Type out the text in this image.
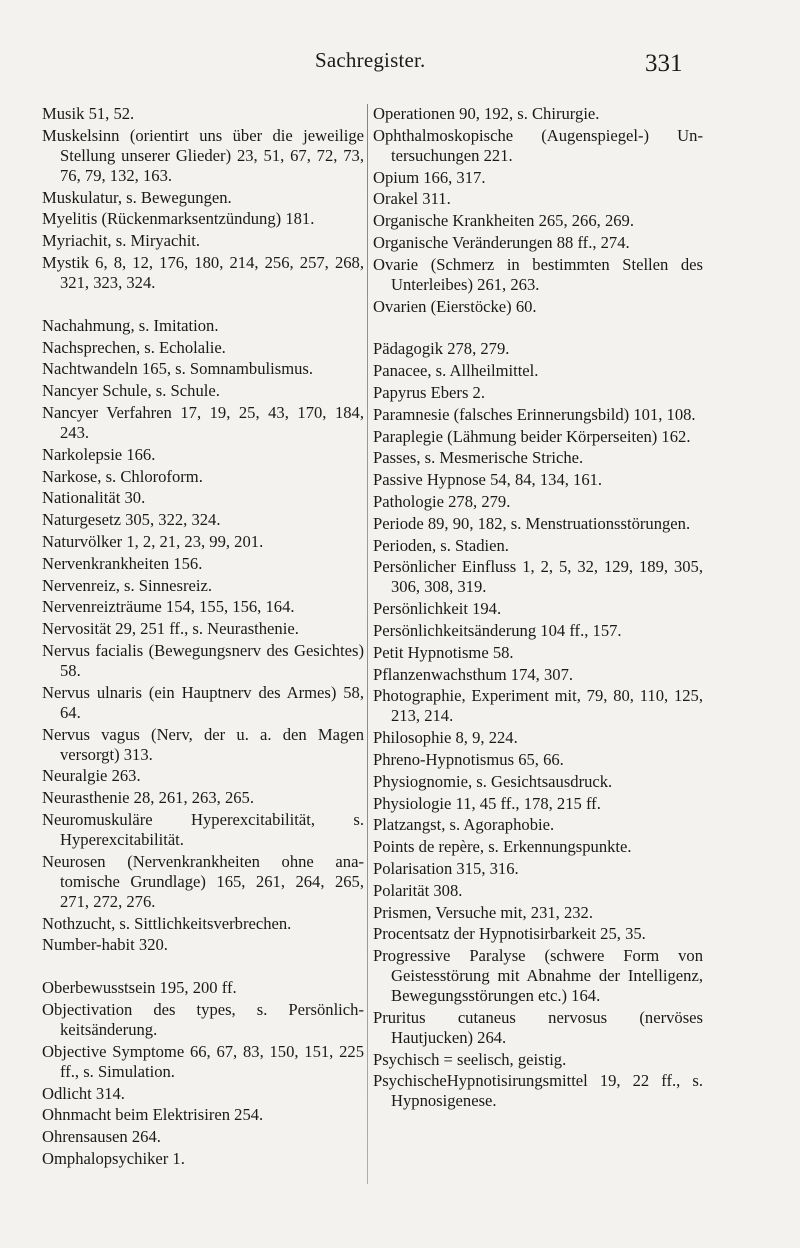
Sachregister.	331
Musik 51, 52.
Muskelsinn (orientirt uns über die jeweilige Stellung unserer Glieder) 23, 51, 67, 72, 73, 76, 79, 132, 163.
Muskulatur, s. Bewegungen.
Myelitis (Rückenmarksentzündung) 181.
Myriachit, s. Miryachit.
Mystik 6, 8, 12, 176, 180, 214, 256, 257, 268, 321, 323, 324.
Nachahmung, s. Imitation.
Nachsprechen, s. Echolalie.
Nachtwandeln 165, s. Somnambulismus.
Nancyer Schule, s. Schule.
Nancyer Verfahren 17, 19, 25, 43, 170, 184, 243.
Narkolepsie 166.
Narkose, s. Chloroform.
Nationalität 30.
Naturgesetz 305, 322, 324.
Naturvölker 1, 2, 21, 23, 99, 201.
Nervenkrankheiten 156.
Nervenreiz, s. Sinnesreiz.
Nervenreizträume 154, 155, 156, 164.
Nervosität 29, 251 ff., s. Neurasthenie.
Nervus facialis (Bewegungsnerv des Gesichtes) 58.
Nervus ulnaris (ein Hauptnerv des Armes) 58, 64.
Nervus vagus (Nerv, der u. a. den Magen versorgt) 313.
Neuralgie 263.
Neurasthenie 28, 261, 263, 265.
Neuromuskuläre Hyperexcitabilität, s. Hyperexcitabilität.
Neurosen (Nervenkrankheiten ohne anatomische Grundlage) 165, 261, 264, 265, 271, 272, 276.
Nothzucht, s. Sittlichkeitsverbrechen.
Number-habit 320.
Oberbewusstsein 195, 200 ff.
Objectivation des types, s. Persönlichkeitsänderung.
Objective Symptome 66, 67, 83, 150, 151, 225 ff., s. Simulation.
Odlicht 314.
Ohnmacht beim Elektrisiren 254.
Ohrensausen 264.
Omphalopsychiker 1.
Operationen 90, 192, s. Chirurgie.
Ophthalmoskopische (Augenspiegel-) Untersuchungen 221.
Opium 166, 317.
Orakel 311.
Organische Krankheiten 265, 266, 269.
Organische Veränderungen 88 ff., 274.
Ovarie (Schmerz in bestimmten Stellen des Unterleibes) 261, 263.
Ovarien (Eierstöcke) 60.
Pädagogik 278, 279.
Panacee, s. Allheilmittel.
Papyrus Ebers 2.
Paramnesie (falsches Erinnerungsbild) 101, 108.
Paraplegie (Lähmung beider Körperseiten) 162.
Passes, s. Mesmerische Striche.
Passive Hypnose 54, 84, 134, 161.
Pathologie 278, 279.
Periode 89, 90, 182, s. Menstruationsstörungen.
Perioden, s. Stadien.
Persönlicher Einfluss 1, 2, 5, 32, 129, 189, 305, 306, 308, 319.
Persönlichkeit 194.
Persönlichkeitsänderung 104 ff., 157.
Petit Hypnotisme 58.
Pflanzenwachsthum 174, 307.
Photographie, Experiment mit, 79, 80, 110, 125, 213, 214.
Philosophie 8, 9, 224.
Phreno-Hypnotismus 65, 66.
Physiognomie, s. Gesichtsausdruck.
Physiologie 11, 45 ff., 178, 215 ff.
Platzangst, s. Agoraphobie.
Points de repère, s. Erkennungspunkte.
Polarisation 315, 316.
Polarität 308.
Prismen, Versuche mit, 231, 232.
Procentsatz der Hypnotisirbarkeit 25, 35.
Progressive Paralyse (schwere Form von Geistesstörung mit Abnahme der Intelligenz, Bewegungsstörungen etc.) 164.
Pruritus cutaneus nervosus (nervöses Hautjucken) 264.
Psychisch = seelisch, geistig.
PsychischeHypnotisirungsmittel 19, 22 ff., s. Hypnosigenese.
